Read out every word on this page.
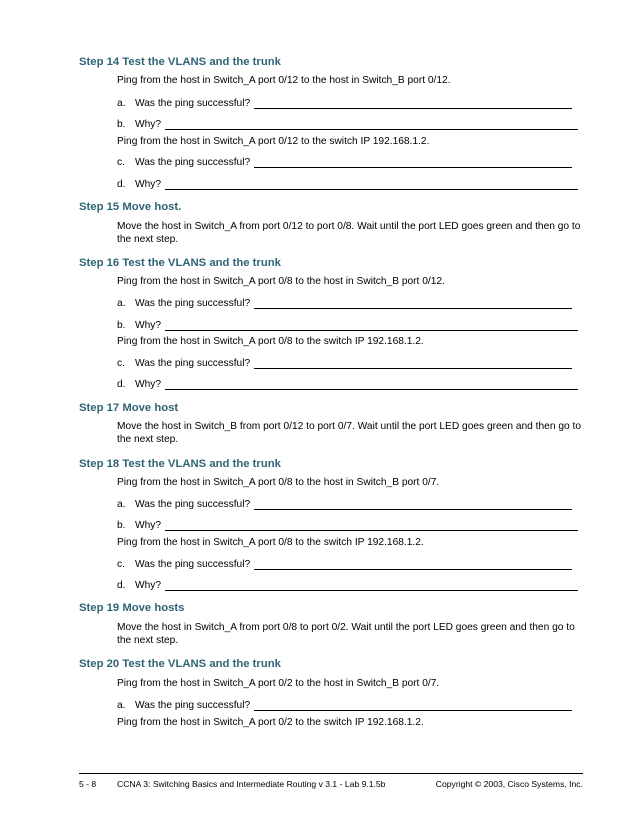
Step 14 Test the VLANS and the trunk
Ping from the host in Switch_A port 0/12 to the host in Switch_B port 0/12.
a. Was the ping successful?
b. Why?
Ping from the host in Switch_A port 0/12 to the switch IP 192.168.1.2.
c. Was the ping successful?
d. Why?
Step 15 Move host.
Move the host in Switch_A from port 0/12 to port 0/8. Wait until the port LED goes green and then go to the next step.
Step 16 Test the VLANS and the trunk
Ping from the host in Switch_A port 0/8 to the host in Switch_B port 0/12.
a. Was the ping successful?
b. Why?
Ping from the host in Switch_A port 0/8 to the switch IP 192.168.1.2.
c. Was the ping successful?
d. Why?
Step 17 Move host
Move the host in Switch_B from port 0/12 to port 0/7. Wait until the port LED goes green and then go to the next step.
Step 18 Test the VLANS and the trunk
Ping from the host in Switch_A port 0/8 to the host in Switch_B port 0/7.
a. Was the ping successful?
b. Why?
Ping from the host in Switch_A port 0/8 to the switch IP 192.168.1.2.
c. Was the ping successful?
d. Why?
Step 19 Move hosts
Move the host in Switch_A from port 0/8 to port 0/2. Wait until the port LED goes green and then go to the next step.
Step 20 Test the VLANS and the trunk
Ping from the host in Switch_A port 0/2 to the host in Switch_B port 0/7.
a. Was the ping successful?
Ping from the host in Switch_A port 0/2 to the switch IP 192.168.1.2.
5 - 8 CCNA 3: Switching Basics and Intermediate Routing v 3.1 - Lab 9.1.5b	Copyright © 2003, Cisco Systems, Inc.
